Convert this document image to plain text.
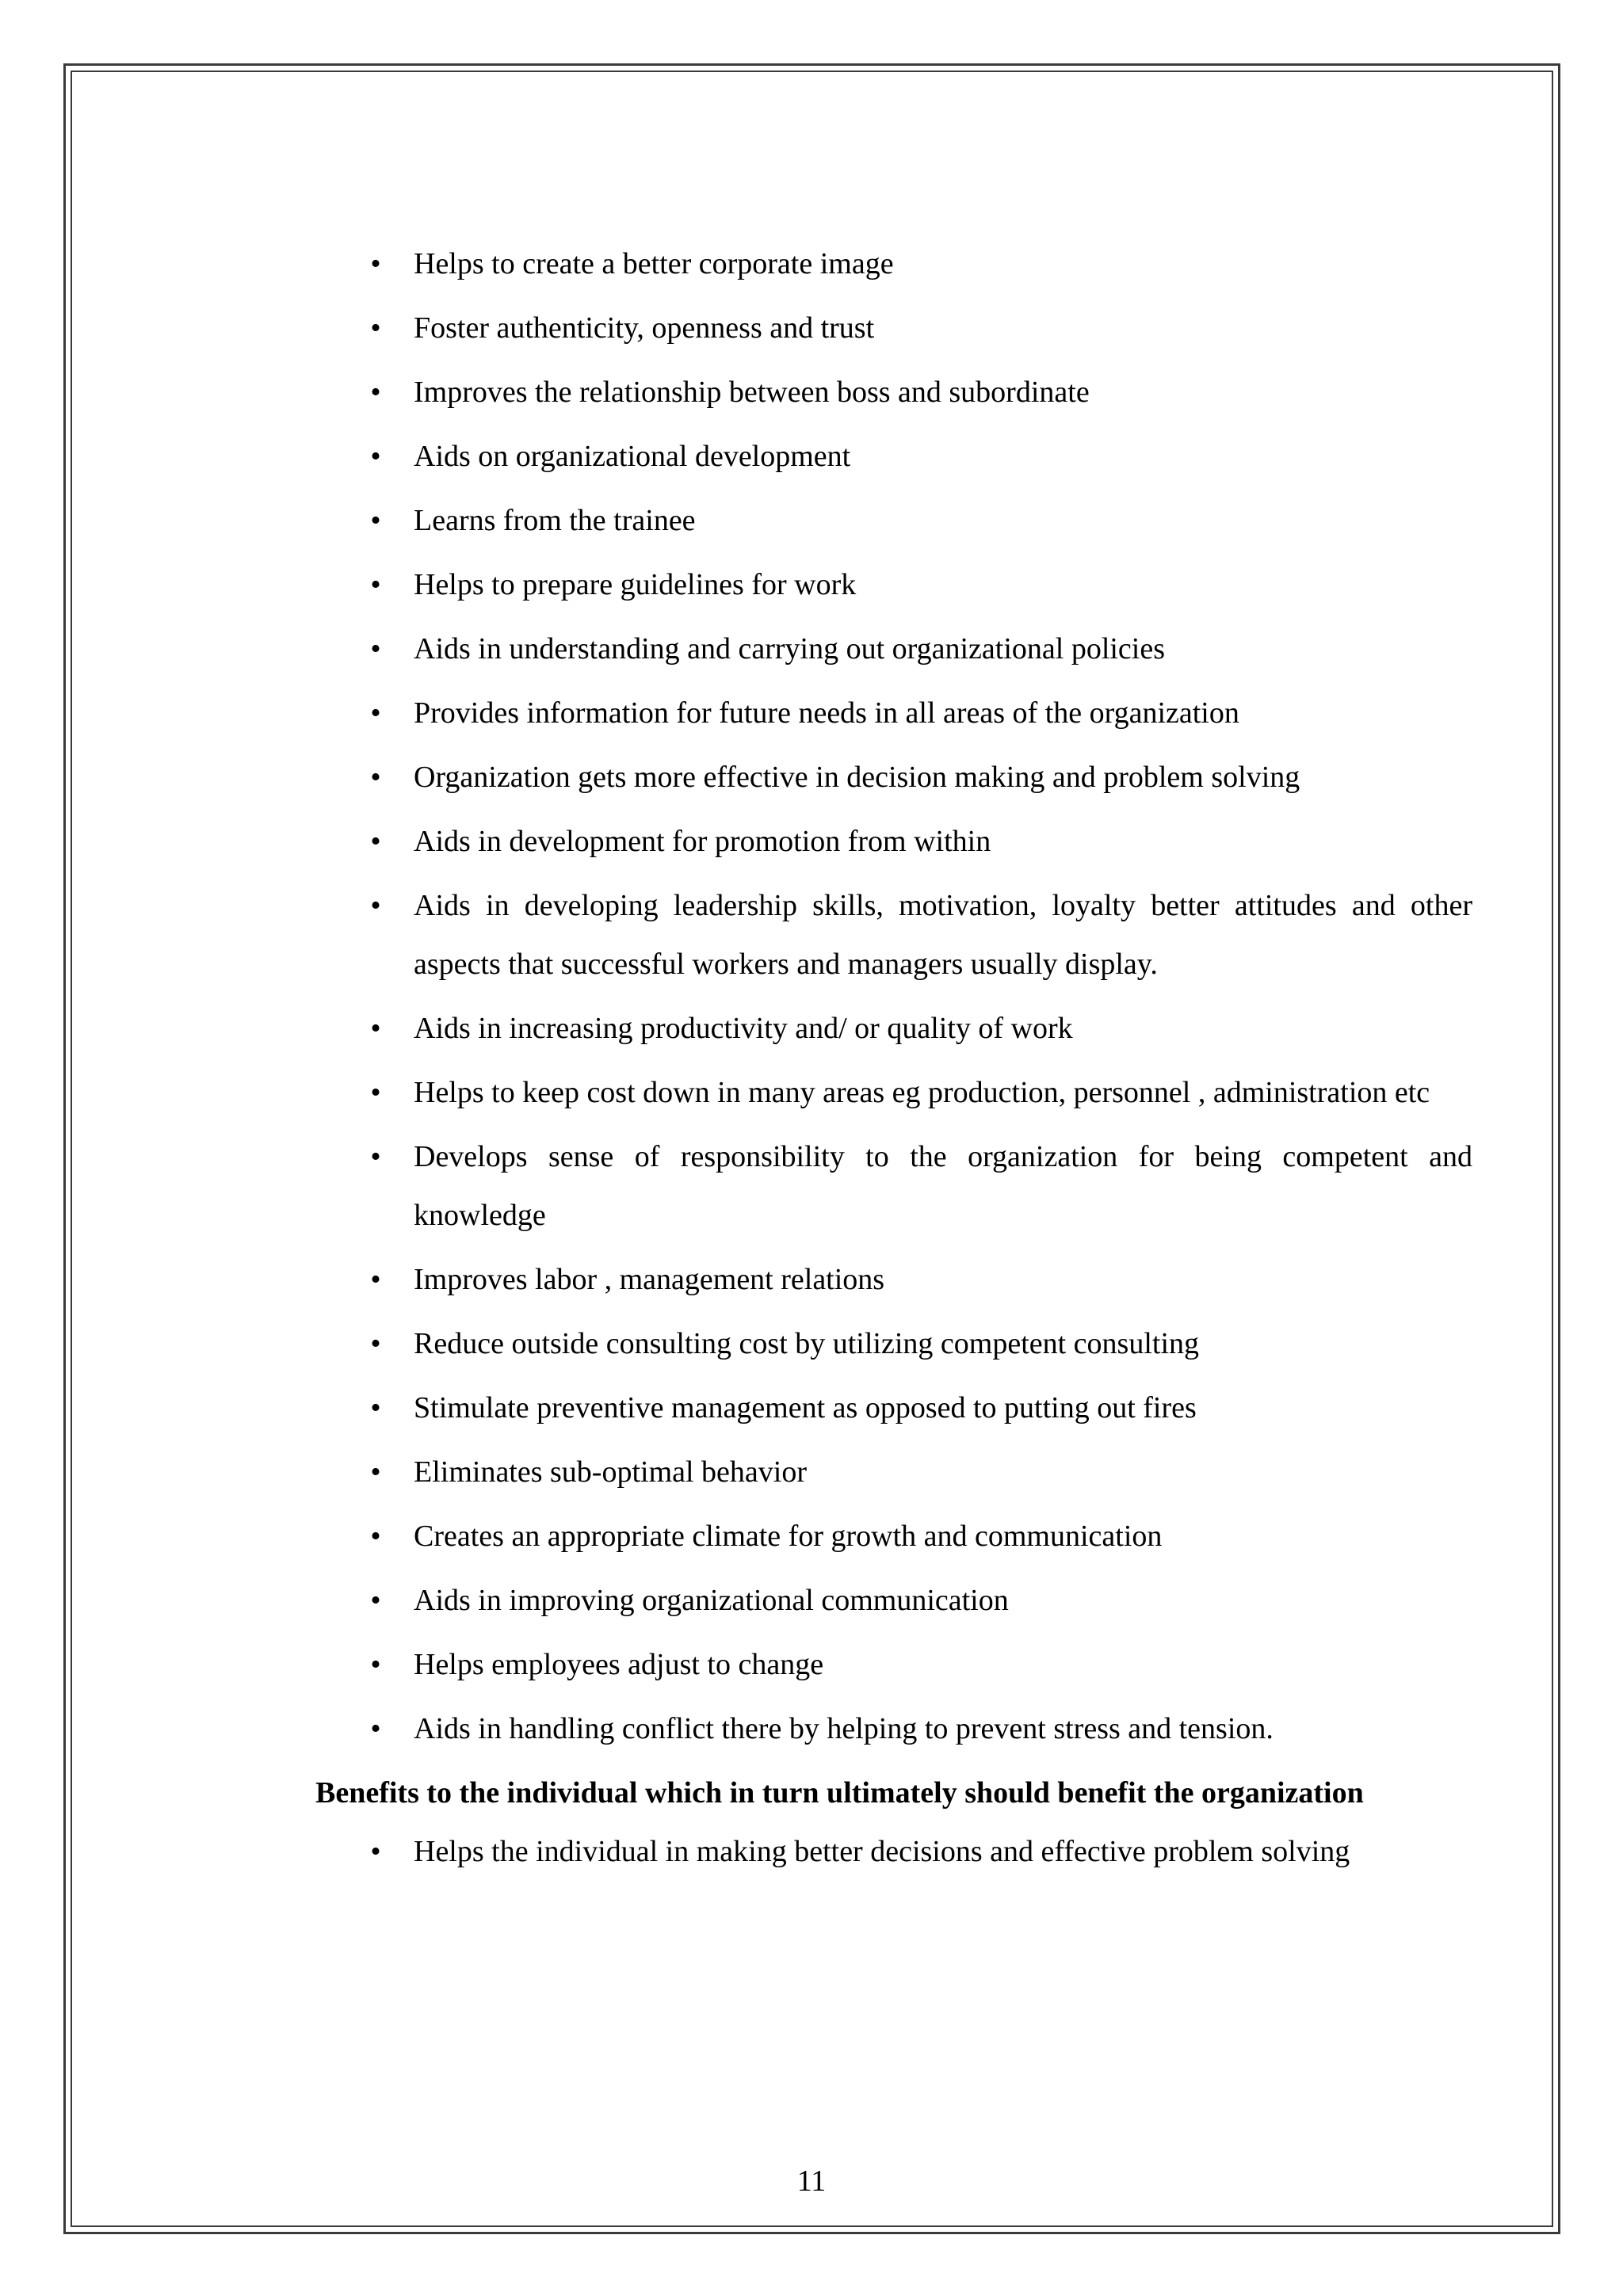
• Helps to create a better corporate image
• Foster authenticity, openness and trust
• Improves the relationship between boss and subordinate
• Aids on organizational development
• Learns from the trainee
• Helps to prepare guidelines for work
• Aids in understanding and carrying out organizational policies
• Provides information for future needs in all areas of the organization
• Organization gets more effective in decision making and problem solving
• Aids in development for promotion from within
• Aids in developing leadership skills, motivation, loyalty better attitudes and other aspects that successful workers and managers usually display.
• Aids in increasing productivity and/ or quality of work
• Helps to keep cost down in many areas eg production, personnel , administration etc
• Develops sense of responsibility to the organization for being competent and knowledge
• Improves labor , management relations
• Reduce outside consulting cost by utilizing competent consulting
• Stimulate preventive management as opposed to putting out fires
• Eliminates sub-optimal behavior
• Creates an appropriate climate for growth and communication
• Aids in improving organizational communication
• Helps employees adjust to change
• Aids in handling conflict there by helping to prevent stress and tension.

Benefits to the individual which in turn ultimately should benefit the organization

• Helps the individual in making better decisions and effective problem solving
11
